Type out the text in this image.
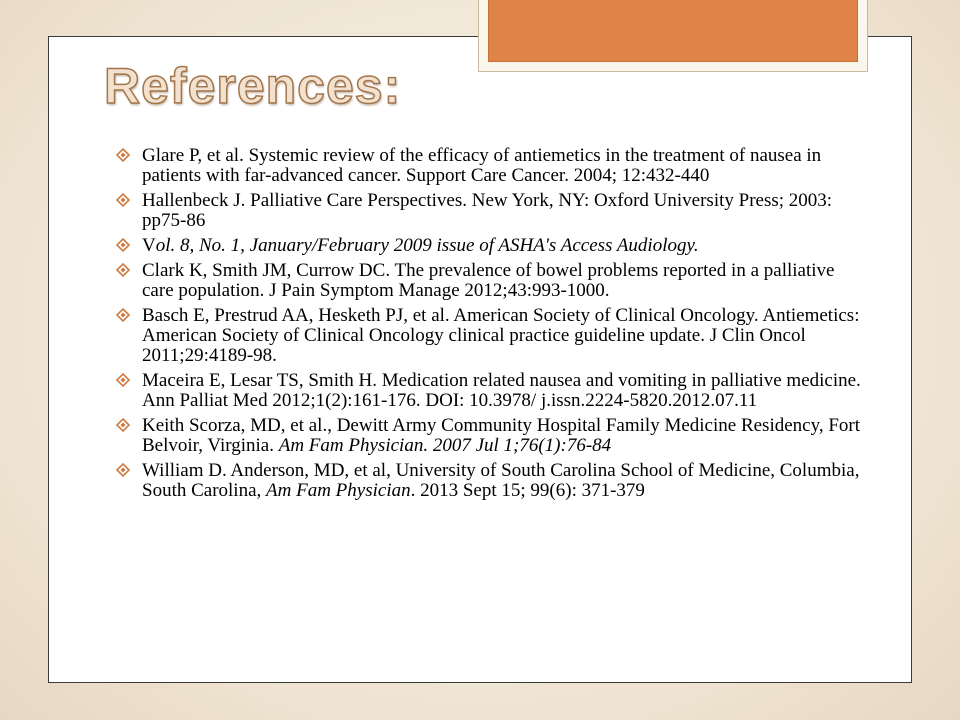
References:
Glare P, et al. Systemic review of the efficacy of antiemetics in the treatment of nausea in patients with far-advanced cancer. Support Care Cancer. 2004; 12:432-440
Hallenbeck J. Palliative Care Perspectives. New York, NY: Oxford University Press; 2003: pp75-86
Vol. 8, No. 1, January/February 2009 issue of ASHA's Access Audiology.
Clark K, Smith JM, Currow DC. The prevalence of bowel problems reported in a palliative care population. J Pain Symptom Manage 2012;43:993-1000.
Basch E, Prestrud AA, Hesketh PJ, et al. American Society of Clinical Oncology. Antiemetics: American Society of Clinical Oncology clinical practice guideline update. J Clin Oncol 2011;29:4189-98.
Maceira E, Lesar TS, Smith H. Medication related nausea and vomiting in palliative medicine. Ann Palliat Med 2012;1(2):161-176. DOI: 10.3978/ j.issn.2224-5820.2012.07.11
Keith Scorza, MD, et al., Dewitt Army Community Hospital Family Medicine Residency, Fort Belvoir, Virginia. Am Fam Physician. 2007 Jul 1;76(1):76-84
William D. Anderson, MD, et al, University of South Carolina School of Medicine, Columbia, South Carolina, Am Fam Physician. 2013 Sept 15; 99(6): 371-379
